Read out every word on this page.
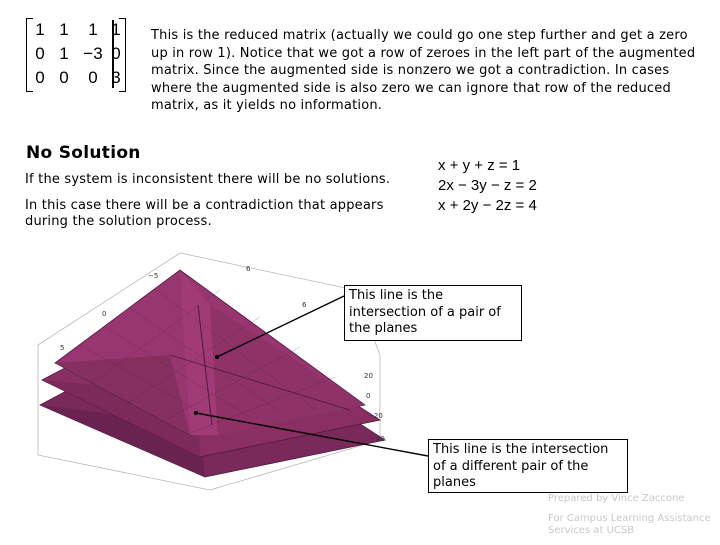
1 1	1 1
0 1 −3 0
0 0	0 3
This is the reduced matrix (actually we could go one step further and get a zero up in row 1). Notice that we got a row of zeroes in the left part of the augmented matrix. Since the augmented side is nonzero we got a contradiction. In cases where the augmented side is also zero we can ignore that row of the reduced matrix, as it yields no information.
No Solution
If the system is inconsistent there will be no solutions.
In this case there will be a contradiction that appears during the solution process.
x + y + z = 1
2x − 3y − z = 2
x + 2y − 2z = 4
−5
0
5
6
6
20
0
−20
−40
This line is the intersection of a pair of the planes
This line is the intersection of a different pair of the planes
Prepared by Vince Zaccone
For Campus Learning Assistance Services at UCSB
